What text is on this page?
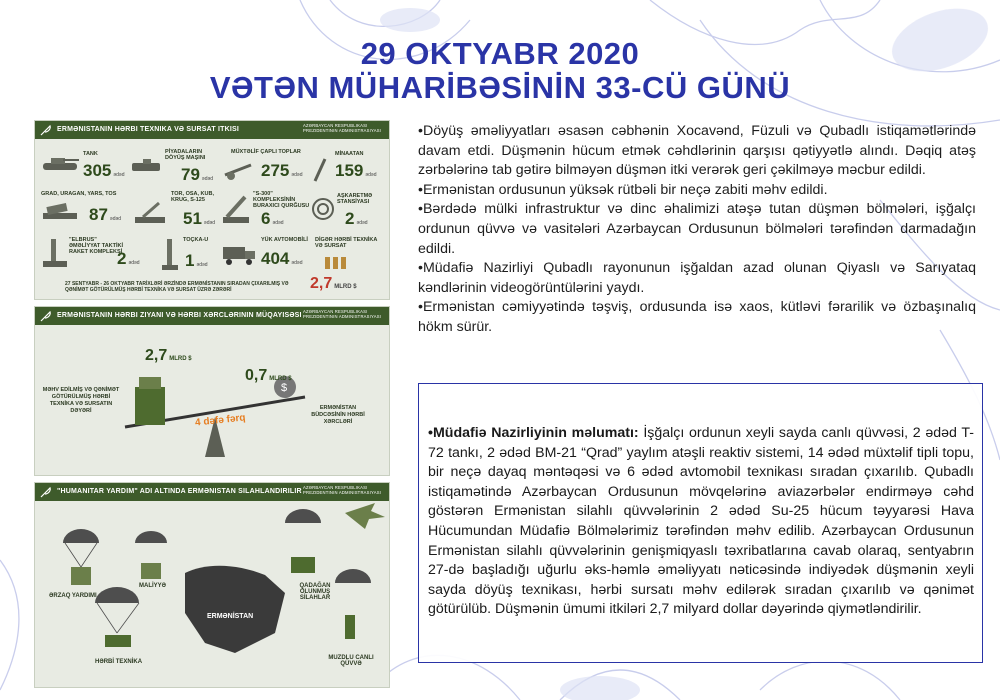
29 OKTYABR 2020
VƏTƏN MÜHARİBƏSİNİN 33-CÜ GÜNÜ
ERMƏNISTANIN HƏRBI TEXNIKA VƏ SURSAT ITKISI
AZƏRBAYCAN RESPUBLIKASI PREZIDENTININ ADMINISTRASIYASI
TANK
305 ədəd
PİYADALARIN DÖYÜŞ MAŞINI
79 ədəd
MÜXTƏLİF ÇAPLI TOPLAR
275 ədəd
MİNAATAN
159 ədəd
GRAD, URAGAN, YARS, TOS
87 ədəd
TOR, OSA, KUB, KRUG, S-125
51 ədəd
"S-300" KOMPLEKSİNİN BURAXICI QURĞUSU
6 ədəd
AŞKARETMƏ STANSİYASI
2 ədəd
"ELBRUS" ƏMƏLİYYAT TAKTİKİ RAKET KOMPLEKSİ
2 ədəd
TOÇKA-U
1 ədəd
YÜK AVTOMOBİLİ
404 ədəd
DİGƏR HƏRBİ TEXNİKA VƏ SURSAT
27 SENTYABR - 26 OKTYABR TARİXLƏRİ ƏRZİNDƏ ERMƏNİSTANIN SIRADAN ÇIXARILMIŞ VƏ QƏNİMƏT GÖTÜRÜLMÜŞ HƏRBİ TEXNİKA VƏ SURSAT ÜZRƏ ZƏRƏRİ	2,7 MLRD $
ERMƏNISTANIN HƏRBI ZIYANI VƏ HƏRBI XƏRCLƏRININ MÜQAYISƏSI
AZƏRBAYCAN RESPUBLIKASI PREZIDENTININ ADMINISTRASIYASI
$
2,7 MLRD $
0,7 MLRD $
MƏHV EDİLMİŞ VƏ QƏNİMƏT GÖTÜRÜLMÜŞ HƏRBİ TEXNİKA VƏ SURSATIN DƏYƏRİ	ERMƏNİSTAN BÜDCƏSİNİN HƏRBİ XƏRCLƏRİ
4 dəfə fərq
"HUMANITAR YARDIM" ADI ALTINDA ERMƏNISTAN SILAHLANDIRILIR
AZƏRBAYCAN RESPUBLIKASI PREZIDENTININ ADMINISTRASIYASI
ƏRZAQ YARDIMI
MALİYYƏ
ERMƏNİSTAN
QADAĞAN OLUNMUŞ SİLAHLAR
HƏRBİ TEXNİKA
MUZDLU CANLI QÜVVƏ

•Döyüş əməliyyatları əsasən cəbhənin Xocavənd, Füzuli və Qubadlı istiqamətlərində davam etdi. Düşmənin hücum etmək cəhdlərinin qarşısı qətiyyətlə alındı. Dəqiq atəş zərbələrinə tab gətirə bilməyən düşmən itki verərək geri çəkilməyə məcbur edildi.

•Ermənistan ordusunun yüksək rütbəli bir neçə zabiti məhv edildi.

•Bərdədə mülki infrastruktur və dinc əhalimizi atəşə tutan düşmən bölmələri, işğalçı ordunun qüvvə və vasitələri Azərbaycan Ordusunun bölmələri tərəfindən darmadağın edildi.

•Müdafiə Nazirliyi Qubadlı rayonunun işğaldan azad olunan Qiyaslı və Sarıyataq kəndlərinin videogörüntülərini yaydı.

•Ermənistan cəmiyyətində təşviş, ordusunda isə xaos, kütləvi fərarilik və özbaşınalıq hökm sürür.

•Müdafiə Nazirliyinin məlumatı: İşğalçı ordunun xeyli sayda canlı qüvvəsi, 2 ədəd T-72 tankı, 2 ədəd BM-21 “Qrad” yaylım atəşli reaktiv sistemi, 14 ədəd müxtəlif tipli topu, bir neçə dayaq məntəqəsi və 6 ədəd avtomobil texnikası sıradan çıxarılıb. Qubadlı istiqamətində Azərbaycan Ordusunun mövqelərinə aviazərbələr endirməyə cəhd göstərən Ermənistan silahlı qüvvələrinin 2 ədəd Su-25 hücum təyyarəsi Hava Hücumundan Müdafiə Bölmələrimiz tərəfindən məhv edilib. Azərbaycan Ordusunun Ermənistan silahlı qüvvələrinin genişmiqyaslı təxribatlarına cavab olaraq, sentyabrın 27-də başladığı uğurlu əks-həmlə əməliyyatı nəticəsində indiyədək düşmənin xeyli sayda döyüş texnikası, hərbi sursatı məhv edilərək sıradan çıxarılıb və qənimət götürülüb. Düşmənin ümumi itkiləri 2,7 milyard dollar dəyərində qiymətləndirilir.
